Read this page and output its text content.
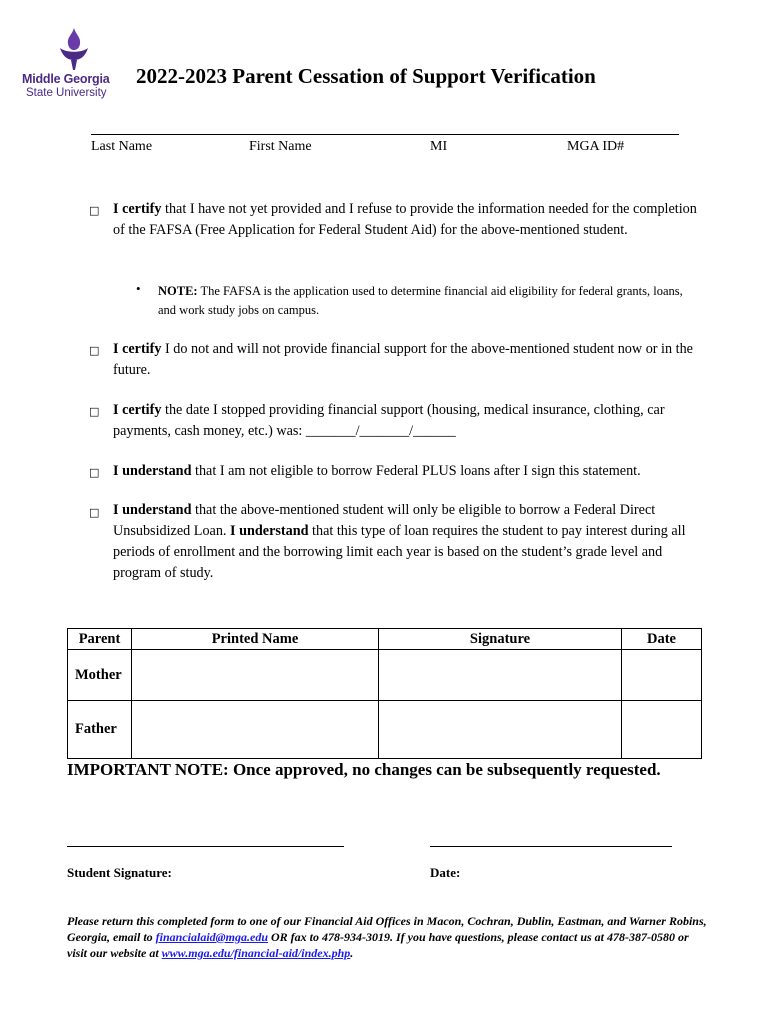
Middle Georgia
State University
2022-2023 Parent Cessation of Support Verification
Last Name	First Name	MI	MGA ID#
□ I certify that I have not yet provided and I refuse to provide the information needed for the completion of the FAFSA (Free Application for Federal Student Aid) for the above-mentioned student.
• NOTE: The FAFSA is the application used to determine financial aid eligibility for federal grants, loans, and work study jobs on campus.
□ I certify I do not and will not provide financial support for the above-mentioned student now or in the future.
□ I certify the date I stopped providing financial support (housing, medical insurance, clothing, car payments, cash money, etc.) was: _______/_______/______
□ I understand that I am not eligible to borrow Federal PLUS loans after I sign this statement.
□ I understand that the above-mentioned student will only be eligible to borrow a Federal Direct Unsubsidized Loan. I understand that this type of loan requires the student to pay interest during all periods of enrollment and the borrowing limit each year is based on the student’s grade level and program of study.
Parent	Printed Name	Signature	Date
Mother			
Father			
IMPORTANT NOTE: Once approved, no changes can be subsequently requested.
Student Signature:	Date:
Please return this completed form to one of our Financial Aid Offices in Macon, Cochran, Dublin, Eastman, and Warner Robins, Georgia, email to financialaid@mga.edu OR fax to 478-934-3019. If you have questions, please contact us at 478-387-0580 or visit our website at www.mga.edu/financial-aid/index.php.
